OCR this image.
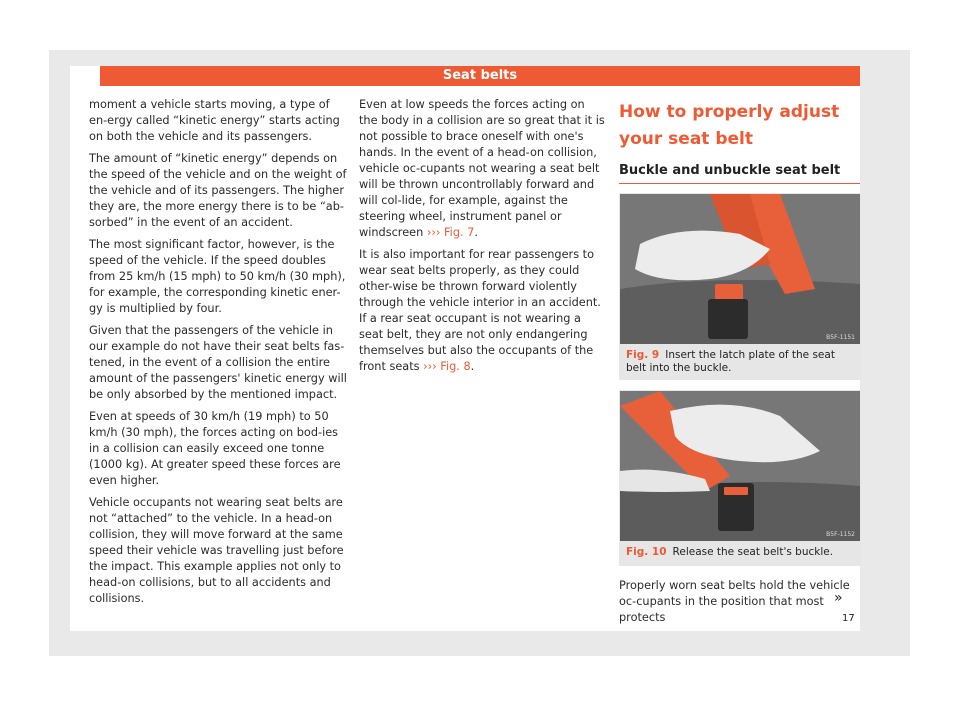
Seat belts

moment a vehicle starts moving, a type of en-ergy called “kinetic energy” starts acting on both the vehicle and its passengers.

The amount of “kinetic energy” depends on the speed of the vehicle and on the weight of the vehicle and of its passengers. The higher they are, the more energy there is to be “ab-sorbed” in the event of an accident.

The most significant factor, however, is the speed of the vehicle. If the speed doubles from 25 km/h (15 mph) to 50 km/h (30 mph), for example, the corresponding kinetic ener-gy is multiplied by four.

Given that the passengers of the vehicle in our example do not have their seat belts fas-tened, in the event of a collision the entire amount of the passengers' kinetic energy will be only absorbed by the mentioned impact.

Even at speeds of 30 km/h (19 mph) to 50 km/h (30 mph), the forces acting on bod-ies in a collision can easily exceed one tonne (1000 kg). At greater speed these forces are even higher.

Vehicle occupants not wearing seat belts are not “attached” to the vehicle. In a head-on collision, they will move forward at the same speed their vehicle was travelling just before the impact. This example applies not only to head-on collisions, but to all accidents and collisions.

Even at low speeds the forces acting on the body in a collision are so great that it is not possible to brace oneself with one's hands. In the event of a head-on collision, vehicle oc-cupants not wearing a seat belt will be thrown uncontrollably forward and will col-lide, for example, against the steering wheel, instrument panel or windscreen ››› Fig. 7.

It is also important for rear passengers to wear seat belts properly, as they could other-wise be thrown forward violently through the vehicle interior in an accident. If a rear seat occupant is not wearing a seat belt, they are not only endangering themselves but also the occupants of the front seats ››› Fig. 8.

How to properly adjust your seat belt
Buckle and unbuckle seat belt
B5F-1151
Fig. 9 Insert the latch plate of the seat belt into the buckle.
B5F-1152
Fig. 10 Release the seat belt's buckle.
Properly worn seat belts hold the vehicle oc-cupants in the position that most protects
»
17
